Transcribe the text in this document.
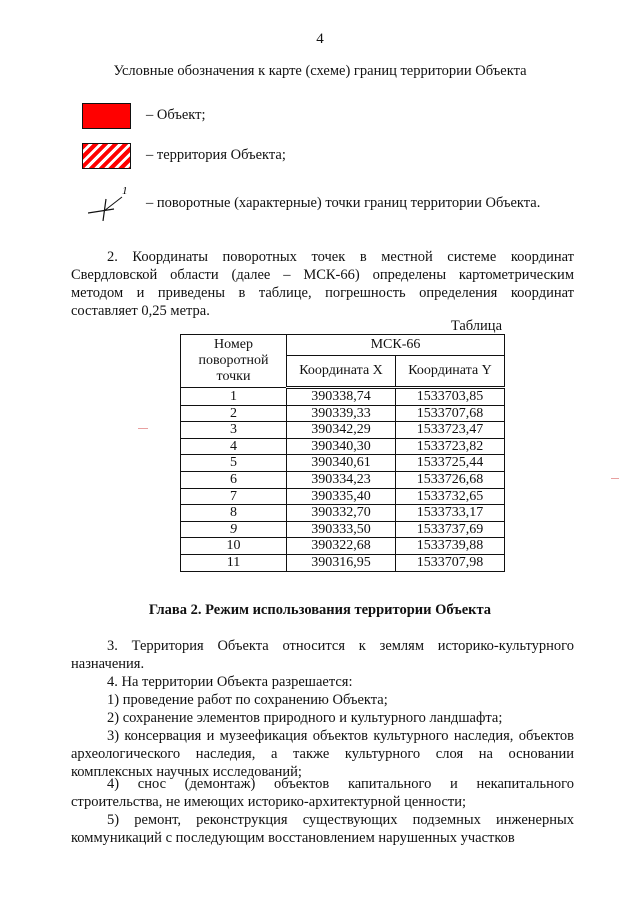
4
Условные обозначения к карте (схеме) границ территории Объекта
– Объект;
– территория Объекта;
1
– поворотные (характерные) точки границ территории Объекта.
2. Координаты поворотных точек в местной системе координат Свердловской области (далее – МСК-66) определены картометрическим методом и приведены в таблице, погрешность определения координат составляет 0,25 метра.
Таблица
Номер поворотной точки	МСК-66	
	Координата X	Координата Y
1	390338,74	1533703,85
2	390339,33	1533707,68
3	390342,29	1533723,47
4	390340,30	1533723,82
5	390340,61	1533725,44
6	390334,23	1533726,68
7	390335,40	1533732,65
8	390332,70	1533733,17
9	390333,50	1533737,69
10	390322,68	1533739,88
11	390316,95	1533707,98
Глава 2. Режим использования территории Объекта
3. Территория Объекта относится к землям историко-культурного назначения.
4. На территории Объекта разрешается:
1) проведение работ по сохранению Объекта;
2) сохранение элементов природного и культурного ландшафта;
3) консервация и музеефикация объектов культурного наследия, объектов археологического наследия, а также культурного слоя на основании комплексных научных исследований;
4) снос (демонтаж) объектов капитального и некапитального строительства, не имеющих историко-архитектурной ценности;
5) ремонт, реконструкция существующих подземных инженерных коммуникаций с последующим восстановлением нарушенных участков
